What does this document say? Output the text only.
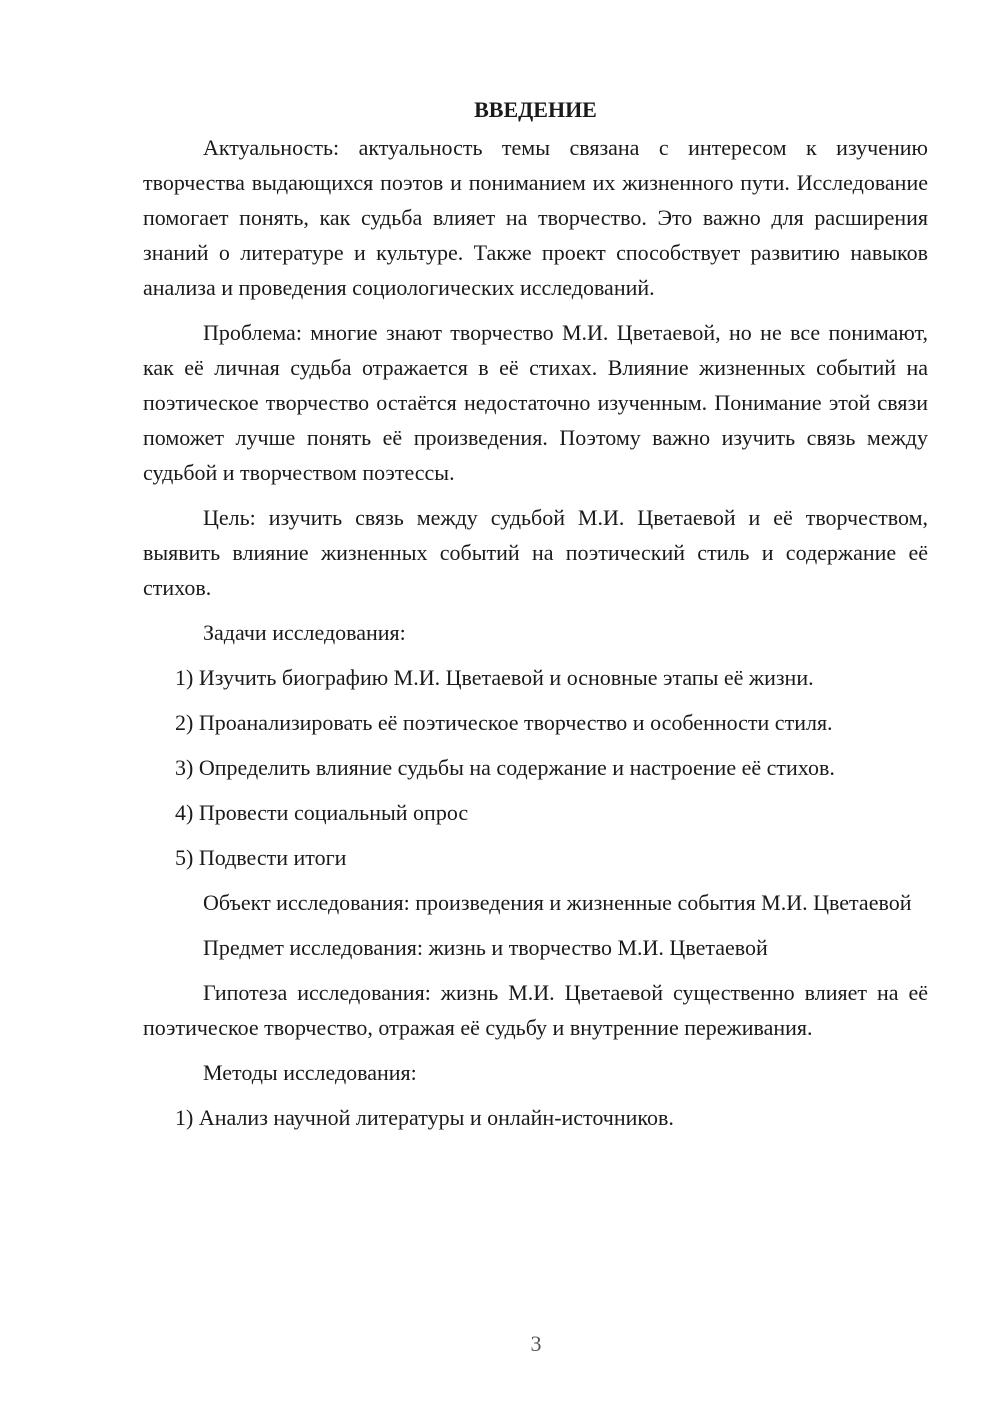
ВВЕДЕНИЕ

Актуальность: актуальность темы связана с интересом к изучению творчества выдающихся поэтов и пониманием их жизненного пути. Исследование помогает понять, как судьба влияет на творчество. Это важно для расширения знаний о литературе и культуре. Также проект способствует развитию навыков анализа и проведения социологических исследований.

Проблема: многие знают творчество М.И. Цветаевой, но не все понимают, как её личная судьба отражается в её стихах. Влияние жизненных событий на поэтическое творчество остаётся недостаточно изученным. Понимание этой связи поможет лучше понять её произведения. Поэтому важно изучить связь между судьбой и творчеством поэтессы.

Цель: изучить связь между судьбой М.И. Цветаевой и её творчеством, выявить влияние жизненных событий на поэтический стиль и содержание её стихов.

Задачи исследования:

1) Изучить биографию М.И. Цветаевой и основные этапы её жизни.
2) Проанализировать её поэтическое творчество и особенности стиля.
3) Определить влияние судьбы на содержание и настроение её стихов.
4) Провести социальный опрос
5) Подвести итоги

Объект исследования: произведения и жизненные события М.И. Цветаевой

Предмет исследования: жизнь и творчество М.И. Цветаевой

Гипотеза исследования: жизнь М.И. Цветаевой существенно влияет на её поэтическое творчество, отражая её судьбу и внутренние переживания.

Методы исследования:

1) Анализ научной литературы и онлайн-источников.
3
